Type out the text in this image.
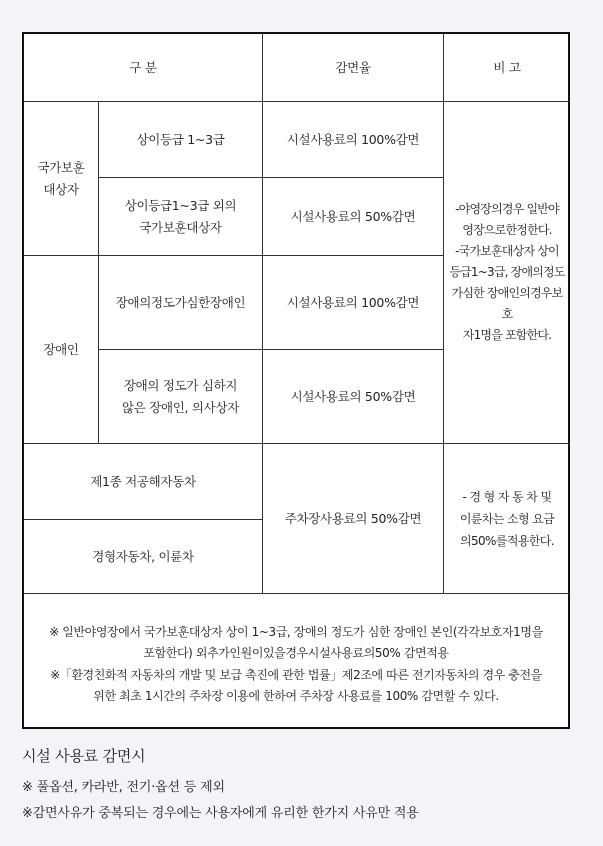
구 분	감면율	비 고
국가보훈
대상자
장애인
상이등급 1~3급
상이등급1~3급 외의
국가보훈대상자
장애의정도가심한장애인
장애의 정도가 심하지
않은 장애인, 의사상자
시설사용료의 100%감면
시설사용료의 50%감면
시설사용료의 100%감면
시설사용료의 50%감면
-야영장의경우 일반야
영장으로한정한다.
-국가보훈대상자 상이
등급1~3급, 장애의정도
가심한 장애인의경우보호
자1명을 포함한다.
제1종 저공해자동차
경형자동차, 이륜차
주차장사용료의 50%감면
- 경 형 자 동 차 및
이륜차는 소형 요금
의50%를적용한다.
※ 일반야영장에서 국가보훈대상자 상이 1~3급, 장애의 정도가 심한 장애인 본인(각각보호자1명을
포함한다) 외추가인원이있을경우시설사용료의50% 감면적용
※「환경친화적 자동차의 개발 및 보급 촉진에 관한 법률」제2조에 따른 전기자동차의 경우 충전을
위한 최초 1시간의 주차장 이용에 한하여 주차장 사용료를 100% 감면할 수 있다.
시설 사용료 감면시
※ 풀옵션, 카라반, 전기·옵션 등 제외
※감면사유가 중복되는 경우에는 사용자에게 유리한 한가지 사유만 적용
